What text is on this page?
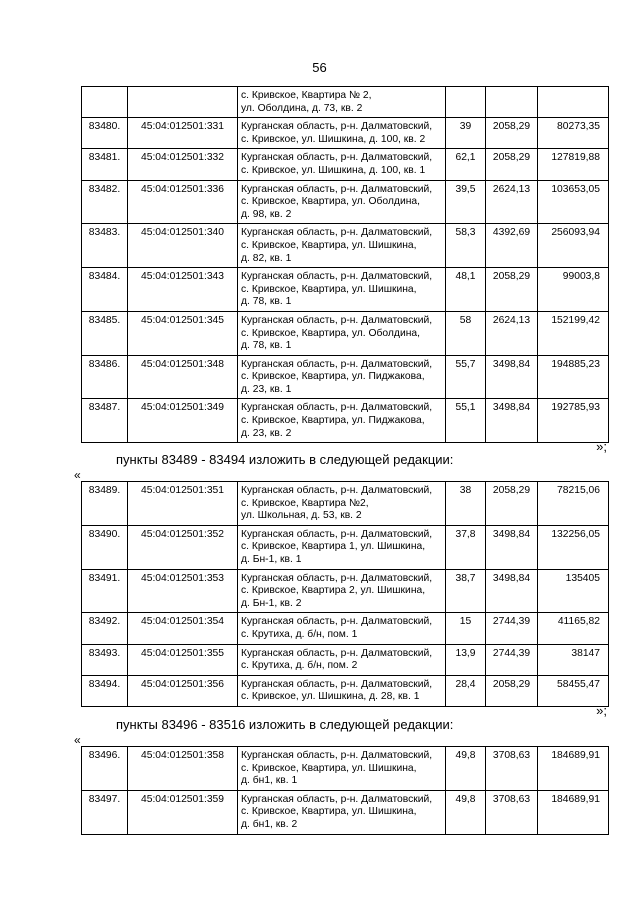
56
		с. Кривское, Квартира № 2,
ул. Оболдина, д. 73, кв. 2			
83480.	45:04:012501:331	Курганская область, р-н. Далматовский,
с. Кривское, ул. Шишкина, д. 100, кв. 2	39	2058,29	80273,35
83481.	45:04:012501:332	Курганская область, р-н. Далматовский,
с. Кривское, ул. Шишкина, д. 100, кв. 1	62,1	2058,29	127819,88
83482.	45:04:012501:336	Курганская область, р-н. Далматовский,
с. Кривское, Квартира, ул. Оболдина,
д. 98, кв. 2	39,5	2624,13	103653,05
83483.	45:04:012501:340	Курганская область, р-н. Далматовский,
с. Кривское, Квартира, ул. Шишкина,
д. 82, кв. 1	58,3	4392,69	256093,94
83484.	45:04:012501:343	Курганская область, р-н. Далматовский,
с. Кривское, Квартира, ул. Шишкина,
д. 78, кв. 1	48,1	2058,29	99003,8
83485.	45:04:012501:345	Курганская область, р-н. Далматовский,
с. Кривское, Квартира, ул. Оболдина,
д. 78, кв. 1	58	2624,13	152199,42
83486.	45:04:012501:348	Курганская область, р-н. Далматовский,
с. Кривское, Квартира, ул. Пиджакова,
д. 23, кв. 1	55,7	3498,84	194885,23
83487.	45:04:012501:349	Курганская область, р-н. Далматовский,
с. Кривское, Квартира, ул. Пиджакова,
д. 23, кв. 2	55,1	3498,84	192785,93
»;
пункты 83489 - 83494 изложить в следующей редакции:
«
83489.	45:04:012501:351	Курганская область, р-н. Далматовский,
с. Кривское, Квартира №2,
ул. Школьная, д. 53, кв. 2	38	2058,29	78215,06
83490.	45:04:012501:352	Курганская область, р-н. Далматовский,
с. Кривское, Квартира 1, ул. Шишкина,
д. Бн-1, кв. 1	37,8	3498,84	132256,05
83491.	45:04:012501:353	Курганская область, р-н. Далматовский,
с. Кривское, Квартира 2, ул. Шишкина,
д. Бн-1, кв. 2	38,7	3498,84	135405
83492.	45:04:012501:354	Курганская область, р-н. Далматовский,
с. Крутиха, д. б/н, пом. 1	15	2744,39	41165,82
83493.	45:04:012501:355	Курганская область, р-н. Далматовский,
с. Крутиха, д. б/н, пом. 2	13,9	2744,39	38147
83494.	45:04:012501:356	Курганская область, р-н. Далматовский,
с. Кривское, ул. Шишкина, д. 28, кв. 1	28,4	2058,29	58455,47
»;
пункты 83496 - 83516 изложить в следующей редакции:
«
83496.	45:04:012501:358	Курганская область, р-н. Далматовский,
с. Кривское, Квартира, ул. Шишкина,
д. бн1, кв. 1	49,8	3708,63	184689,91
83497.	45:04:012501:359	Курганская область, р-н. Далматовский,
с. Кривское, Квартира, ул. Шишкина,
д. бн1, кв. 2	49,8	3708,63	184689,91
